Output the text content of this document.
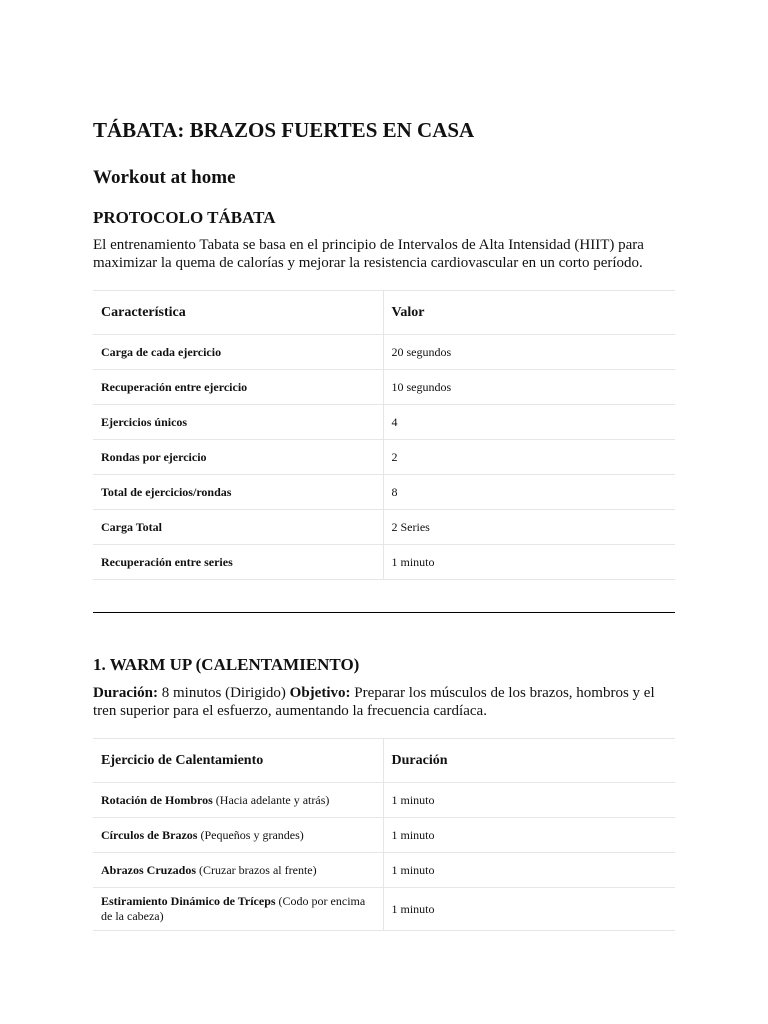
TÁBATA: BRAZOS FUERTES EN CASA
Workout at home
PROTOCOLO TÁBATA

El entrenamiento Tabata se basa en el principio de Intervalos de Alta Intensidad (HIIT) para maximizar la quema de calorías y mejorar la resistencia cardiovascular en un corto período.

Característica	Valor
Carga de cada ejercicio	20 segundos
Recuperación entre ejercicio	10 segundos
Ejercicios únicos	4
Rondas por ejercicio	2
Total de ejercicios/rondas	8
Carga Total	2 Series
Recuperación entre series	1 minuto
1. WARM UP (CALENTAMIENTO)

Duración: 8 minutos (Dirigido) Objetivo: Preparar los músculos de los brazos, hombros y el tren superior para el esfuerzo, aumentando la frecuencia cardíaca.

Ejercicio de Calentamiento	Duración
Rotación de Hombros (Hacia adelante y atrás)	1 minuto
Círculos de Brazos (Pequeños y grandes)	1 minuto
Abrazos Cruzados (Cruzar brazos al frente)	1 minuto
Estiramiento Dinámico de Tríceps (Codo por encima de la cabeza)	1 minuto
